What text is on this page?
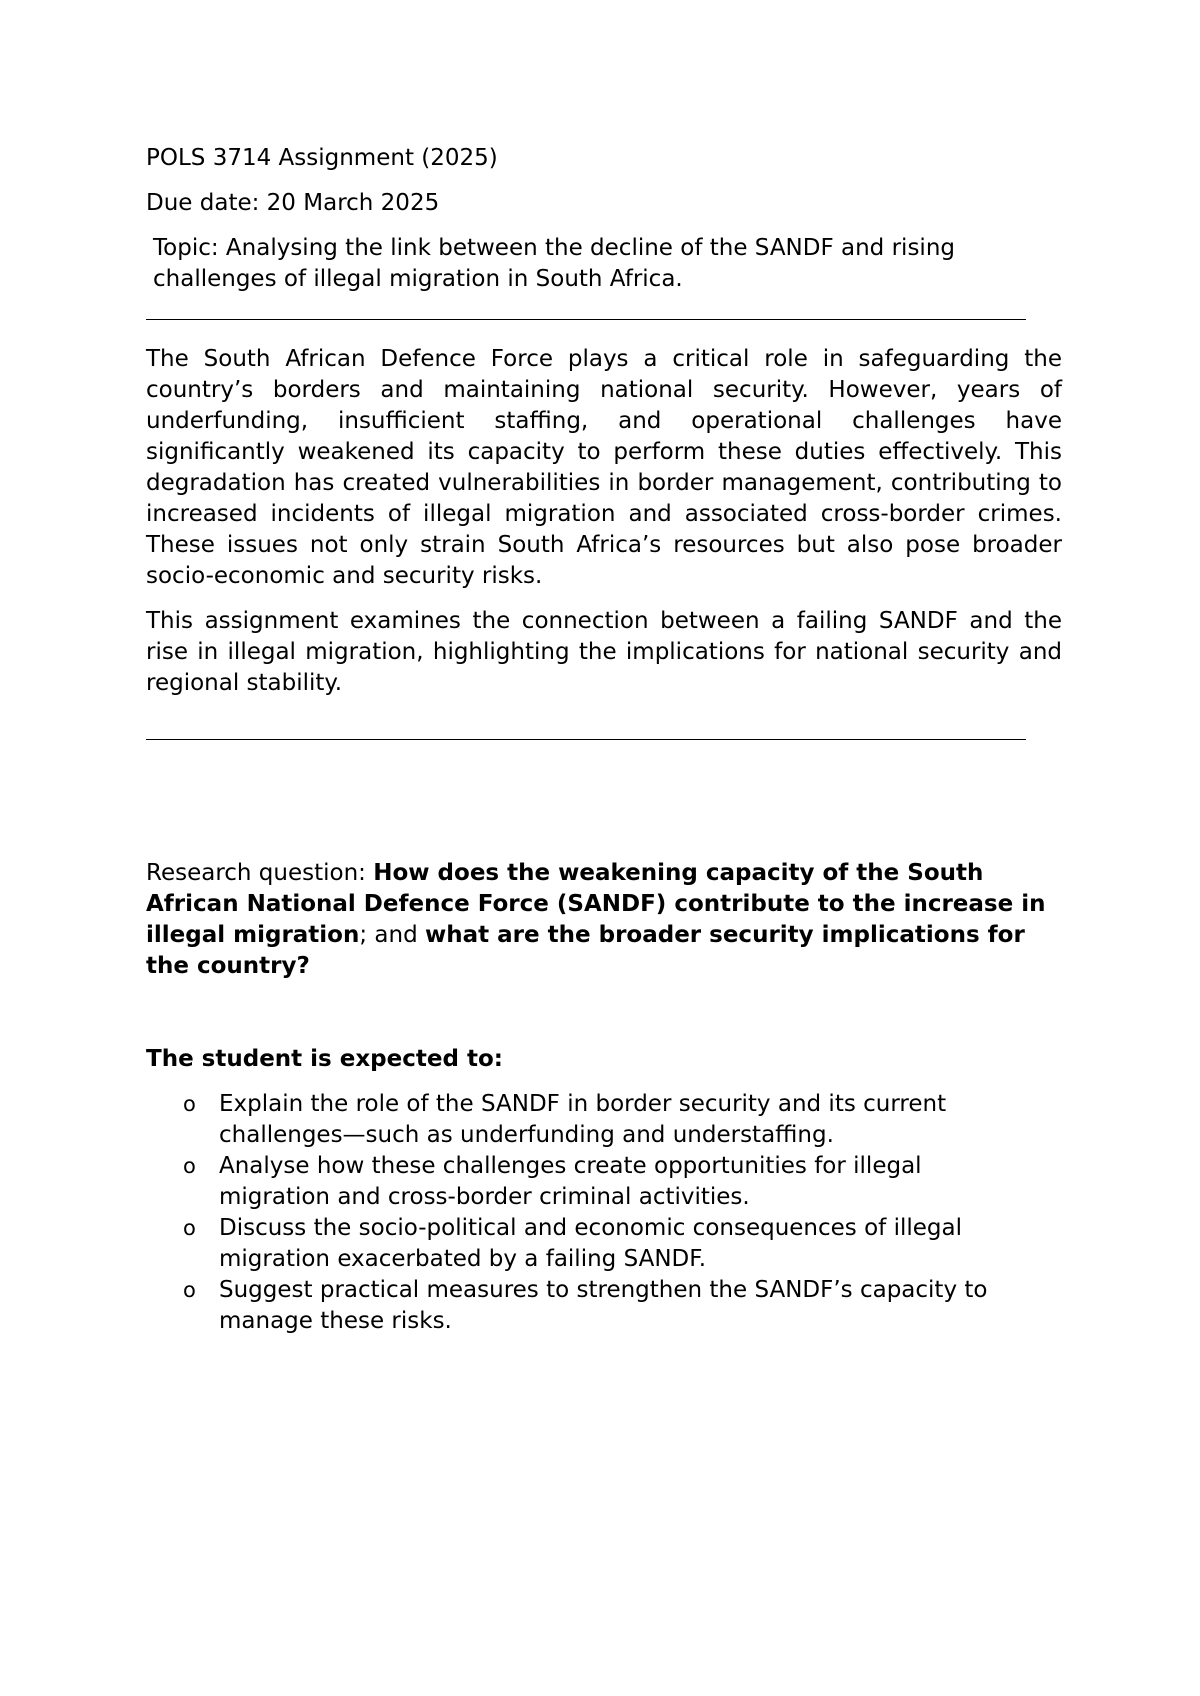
POLS 3714 Assignment (2025)

Due date: 20 March 2025

Topic: Analysing the link between the decline of the SANDF and rising challenges of illegal migration in South Africa.

The South African Defence Force plays a critical role in safeguarding the country’s borders and maintaining national security. However, years of underfunding, insufficient staffing, and operational challenges have significantly weakened its capacity to perform these duties effectively. This degradation has created vulnerabilities in border management, contributing to increased incidents of illegal migration and associated cross-border crimes. These issues not only strain South Africa’s resources but also pose broader socio-economic and security risks.

This assignment examines the connection between a failing SANDF and the rise in illegal migration, highlighting the implications for national security and regional stability.

Research question: How does the weakening capacity of the South African National Defence Force (SANDF) contribute to the increase in illegal migration; and what are the broader security implications for the country?

The student is expected to:

o Explain the role of the SANDF in border security and its current challenges—such as underfunding and understaffing.
o Analyse how these challenges create opportunities for illegal migration and cross-border criminal activities.
o Discuss the socio-political and economic consequences of illegal migration exacerbated by a failing SANDF.
o Suggest practical measures to strengthen the SANDF’s capacity to manage these risks.
